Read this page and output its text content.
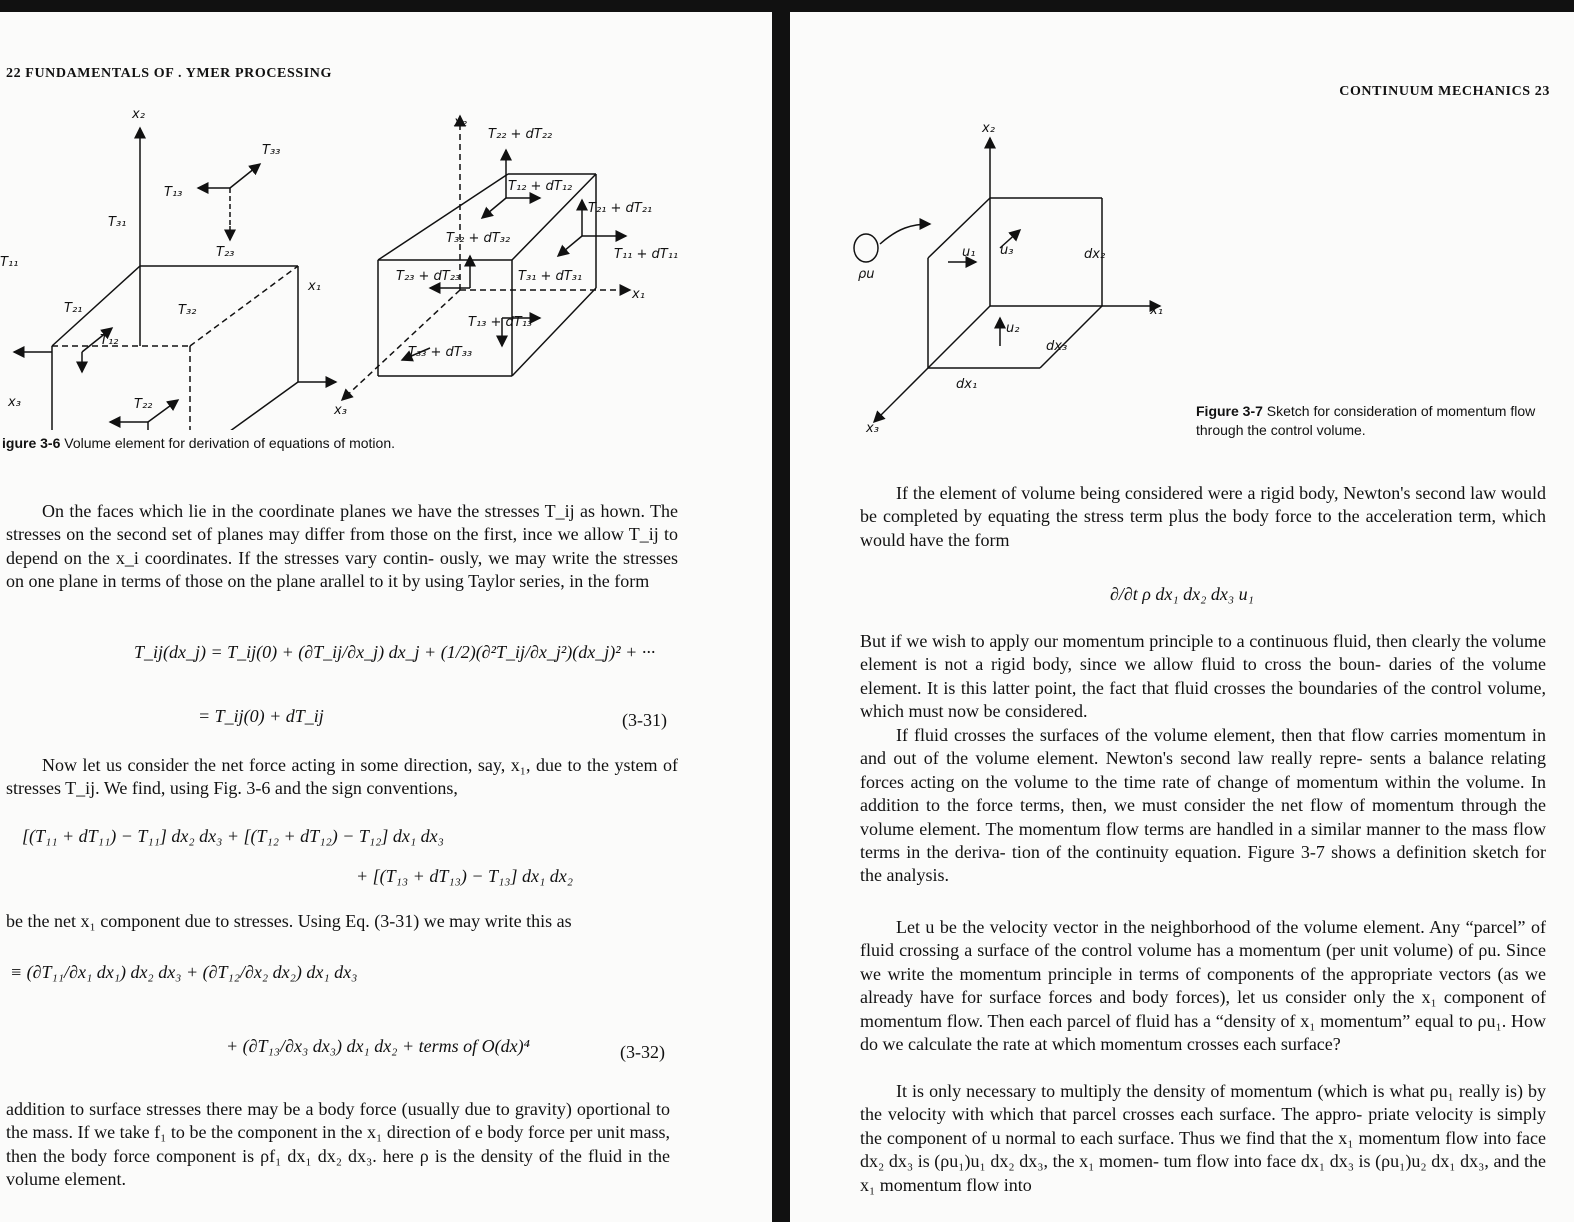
22 FUNDAMENTALS OF . YMER PROCESSING
x₂
T₃₃
T₁₃
T₃₁
T₂₃
T₁₁
x₁
T₂₁	T₃₂
T₁₂
x₃	T₂₂
x₂
T₂₂ + dT₂₂
T₁₂ + dT₁₂
T₂₁ + dT₂₁
T₃₂ + dT₃₂
T₁₁ + dT₁₁
T₂₃ + dT₂₃	T₃₁ + dT₃₁
x₁
T₁₃ + dT₁₃
T₃₃ + dT₃₃
x₃
igure 3-6 Volume element for derivation of equations of motion.

On the faces which lie in the coordinate planes we have the stresses T_ij as hown. The stresses on the second set of planes may differ from those on the first, ince we allow T_ij to depend on the x_i coordinates. If the stresses vary contin- ously, we may write the stresses on one plane in terms of those on the plane arallel to it by using Taylor series, in the form

T_ij(dx_j) = T_ij(0) + (∂T_ij/∂x_j) dx_j + (1/2)(∂²T_ij/∂x_j²)(dx_j)² + ···
= T_ij(0) + dT_ij	(3-31)

Now let us consider the net force acting in some direction, say, x₁, due to the ystem of stresses T_ij. We find, using Fig. 3-6 and the sign conventions,

[(T₁₁ + dT₁₁) − T₁₁] dx₂ dx₃ + [(T₁₂ + dT₁₂) − T₁₂] dx₁ dx₃
+ [(T₁₃ + dT₁₃) − T₁₃] dx₁ dx₂

be the net x₁ component due to stresses. Using Eq. (3-31) we may write this as

≡ (∂T₁₁/∂x₁ dx₁) dx₂ dx₃ + (∂T₁₂/∂x₂ dx₂) dx₁ dx₃
+ (∂T₁₃/∂x₃ dx₃) dx₁ dx₂ + terms of O(dx)⁴	(3-32)

addition to surface stresses there may be a body force (usually due to gravity) oportional to the mass. If we take f₁ to be the component in the x₁ direction of e body force per unit mass, then the body force component is ρf₁ dx₁ dx₂ dx₃. here ρ is the density of the fluid in the volume element.

CONTINUUM MECHANICS 23
x₂
ρu
u₁ u₃	dx₂
x₁
u₂
dx₃
dx₁
x₃
Figure 3-7 Sketch for consideration of momentum flow through the control volume.

If the element of volume being considered were a rigid body, Newton's second law would be completed by equating the stress term plus the body force to the acceleration term, which would have the form

∂/∂t ρ dx₁ dx₂ dx₃ u₁

But if we wish to apply our momentum principle to a continuous fluid, then clearly the volume element is not a rigid body, since we allow fluid to cross the boun- daries of the volume element. It is this latter point, the fact that fluid crosses the boundaries of the control volume, which must now be considered.

If fluid crosses the surfaces of the volume element, then that flow carries momentum in and out of the volume element. Newton's second law really repre- sents a balance relating forces acting on the volume to the time rate of change of momentum within the volume. In addition to the force terms, then, we must consider the net flow of momentum through the volume element. The momentum flow terms are handled in a similar manner to the mass flow terms in the deriva- tion of the continuity equation. Figure 3-7 shows a definition sketch for the analysis.

Let u be the velocity vector in the neighborhood of the volume element. Any “parcel” of fluid crossing a surface of the control volume has a momentum (per unit volume) of ρu. Since we write the momentum principle in terms of components of the appropriate vectors (as we already have for surface forces and body forces), let us consider only the x₁ component of momentum flow. Then each parcel of fluid has a “density of x₁ momentum” equal to ρu₁. How do we calculate the rate at which momentum crosses each surface?

It is only necessary to multiply the density of momentum (which is what ρu₁ really is) by the velocity with which that parcel crosses each surface. The appro- priate velocity is simply the component of u normal to each surface. Thus we find that the x₁ momentum flow into face dx₂ dx₃ is (ρu₁)u₁ dx₂ dx₃, the x₁ momen- tum flow into face dx₁ dx₃ is (ρu₁)u₂ dx₁ dx₃, and the x₁ momentum flow into
